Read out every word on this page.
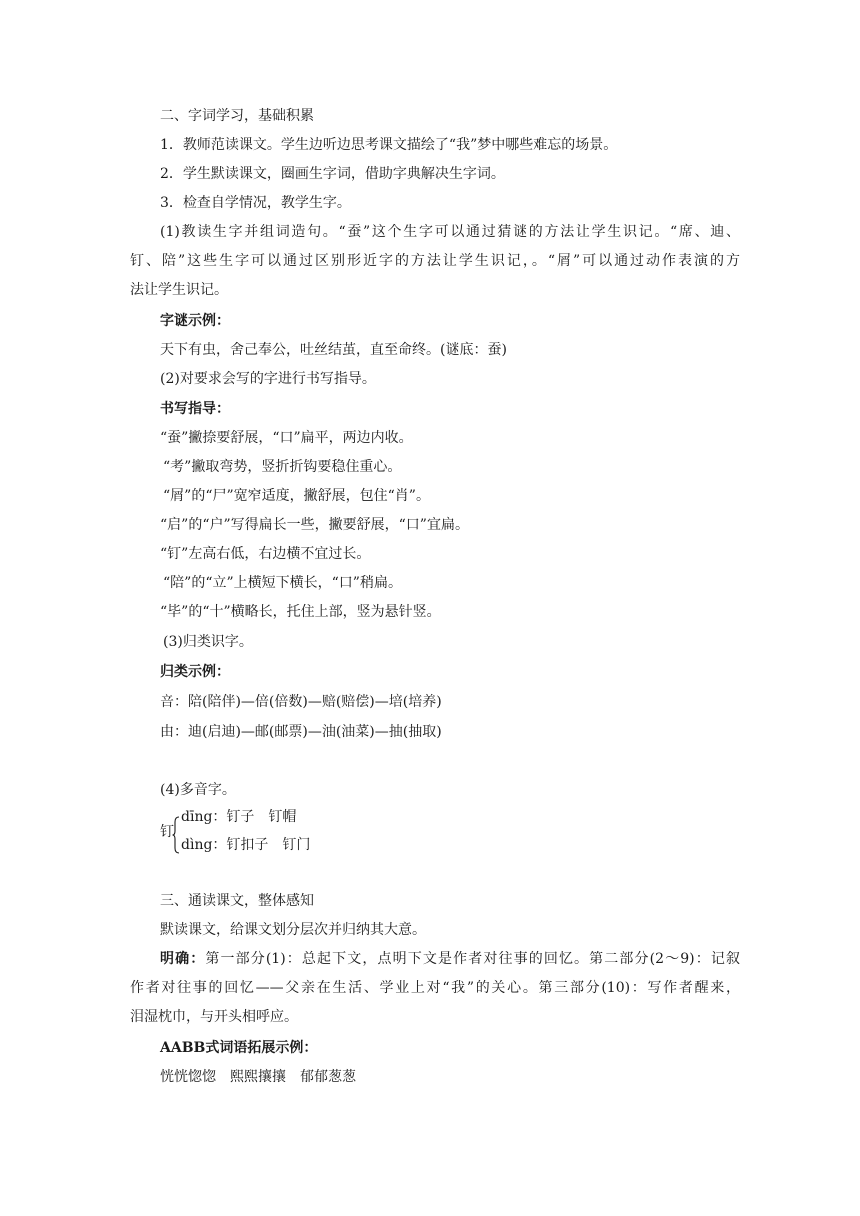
二、字词学习，基础积累
1．教师范读课文。学生边听边思考课文描绘了“我”梦中哪些难忘的场景。
2．学生默读课文，圈画生字词，借助字典解决生字词。
3．检查自学情况，教学生字。
(1)教读生字并组词造句。“蚕”这个生字可以通过猜谜的方法让学生识记。“席、迪、
钉、陪”这些生字可以通过区别形近字的方法让学生识记，。“屑”可以通过动作表演的方
法让学生识记。
字谜示例：
天下有虫，舍己奉公，吐丝结茧，直至命终。(谜底：蚕)
(2)对要求会写的字进行书写指导。
书写指导：
“蚕”撇捺要舒展，“口”扁平，两边内收。
“考”撇取弯势，竖折折钩要稳住重心。
“屑”的“尸”宽窄适度，撇舒展，包住“肖”。
“启”的“户”写得扁长一些，撇要舒展，“口”宜扁。
“钉”左高右低，右边横不宜过长。
“陪”的“立”上横短下横长，“口”稍扁。
“毕”的“十”横略长，托住上部，竖为悬针竖。
(3)归类识字。
归类示例：
咅：陪(陪伴)—倍(倍数)—赔(赔偿)—培(培养)
由：迪(启迪)—邮(邮票)—油(油菜)—抽(抽取)
(4)多音字。
钉
dīng：钉子　钉帽
dìng：钉扣子　钉门
三、通读课文，整体感知
默读课文，给课文划分层次并归纳其大意。
明确：第一部分(1)：总起下文，点明下文是作者对往事的回忆。第二部分(2～9)：记叙
作者对往事的回忆——父亲在生活、学业上对“我”的关心。第三部分(10)：写作者醒来，
泪湿枕巾，与开头相呼应。
AABB式词语拓展示例：
恍恍惚惚　熙熙攘攘　郁郁葱葱
